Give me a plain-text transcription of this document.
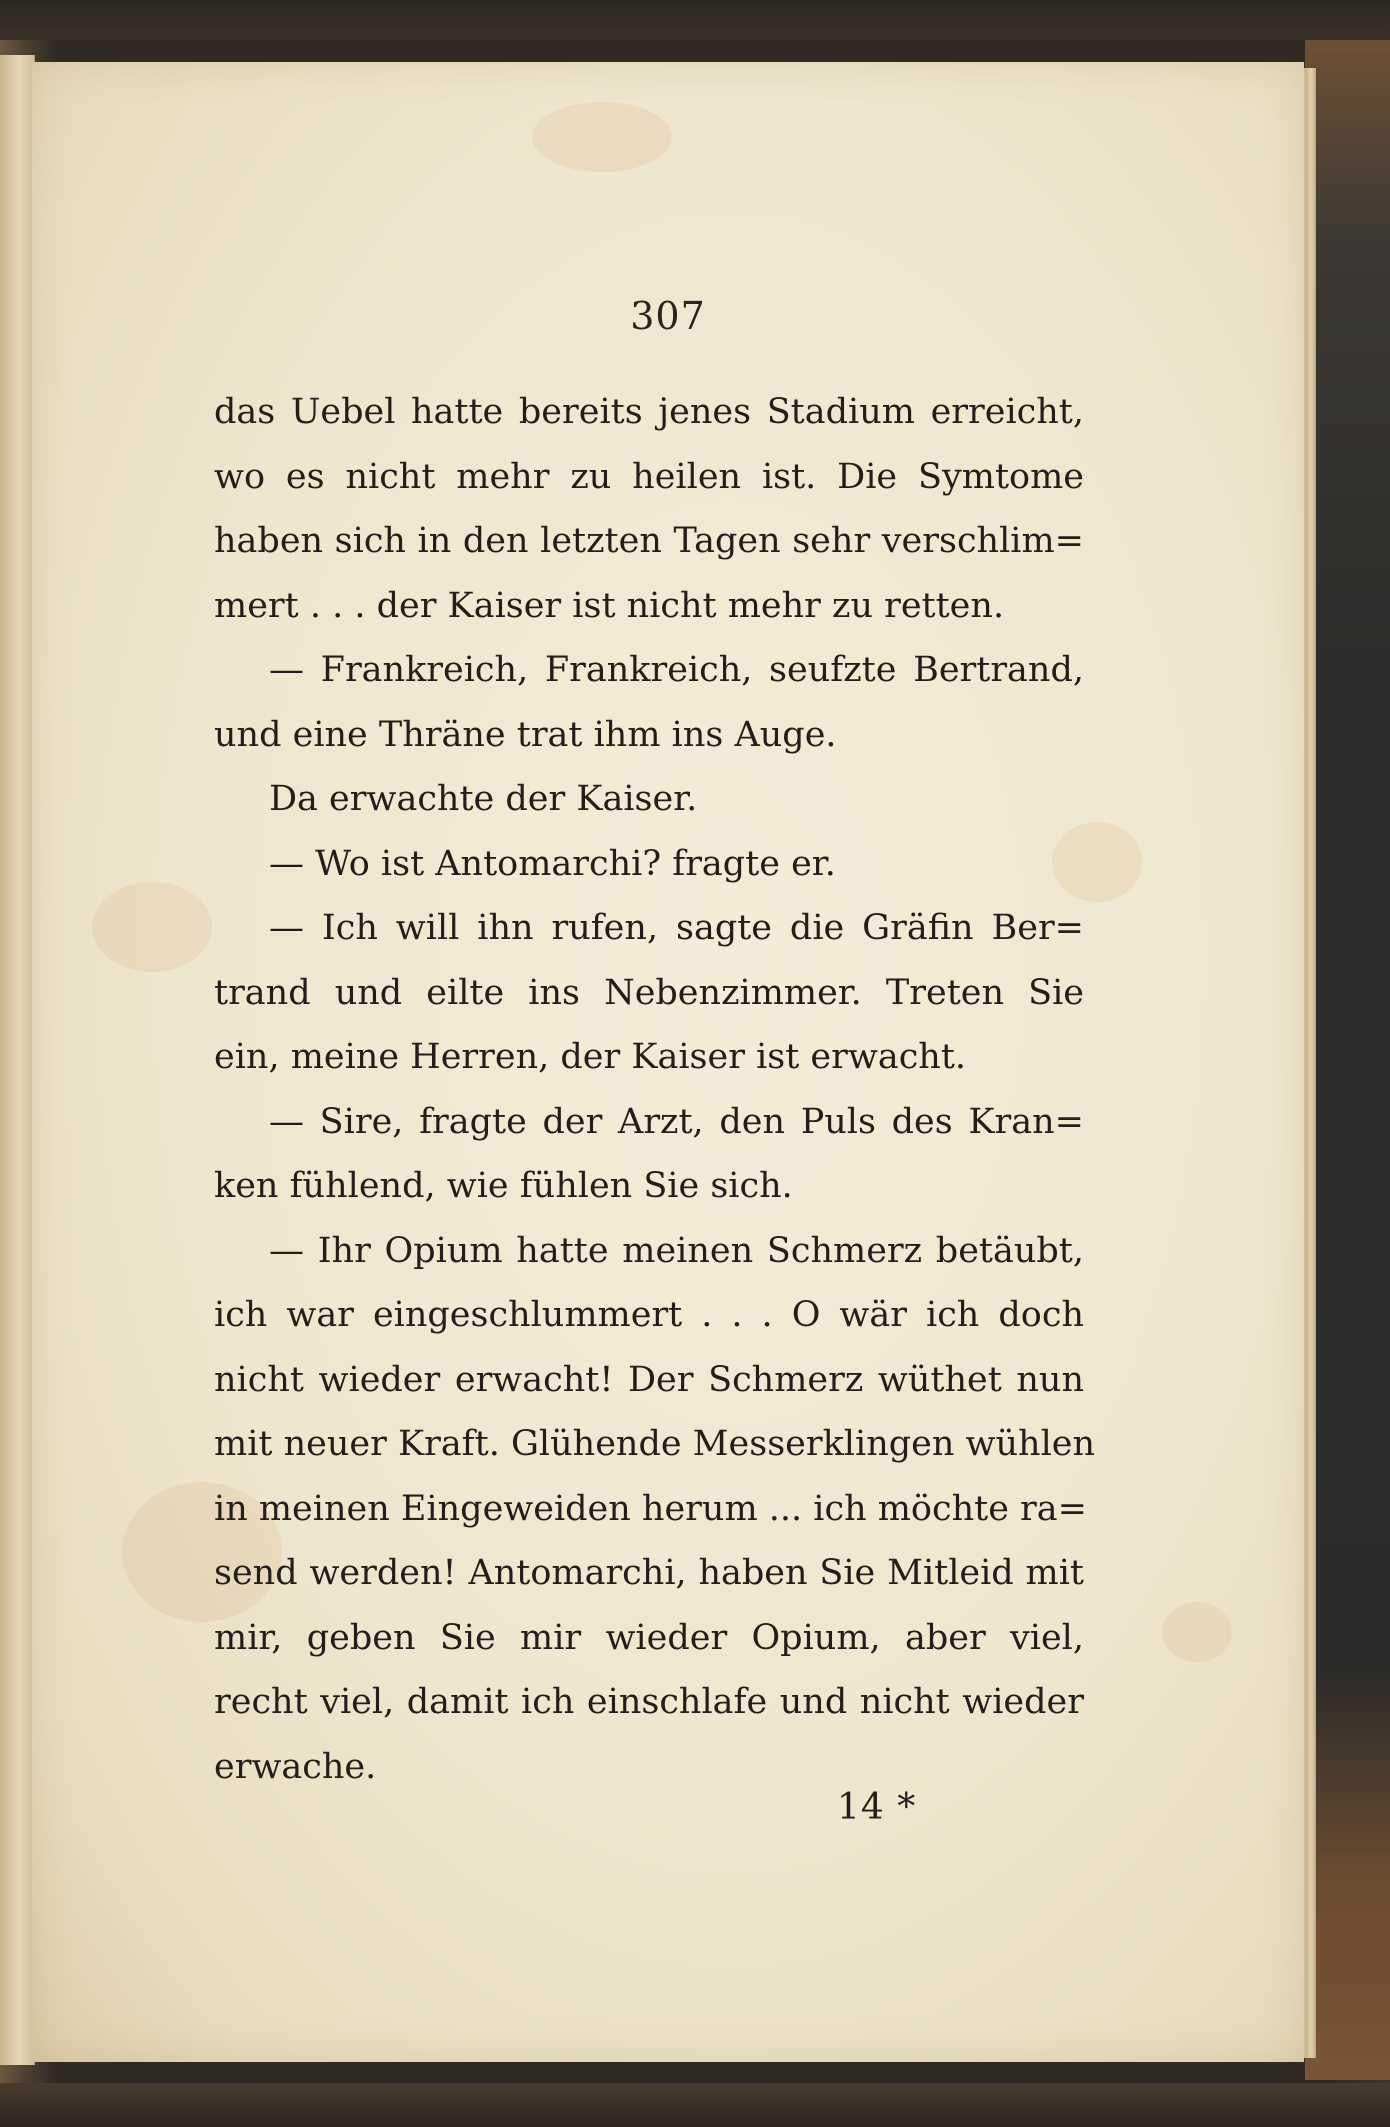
307
das Uebel hatte bereits jenes Stadium erreicht,
wo es nicht mehr zu heilen ist. Die Symtome
haben sich in den letzten Tagen sehr verschlim=
mert . . . der Kaiser ist nicht mehr zu retten.
— Frankreich, Frankreich, seufzte Bertrand,
und eine Thräne trat ihm ins Auge.
Da erwachte der Kaiser.
— Wo ist Antomarchi? fragte er.
— Ich will ihn rufen, sagte die Gräfin Ber=
trand und eilte ins Nebenzimmer. Treten Sie
ein, meine Herren, der Kaiser ist erwacht.
— Sire, fragte der Arzt, den Puls des Kran=
ken fühlend, wie fühlen Sie sich.
— Ihr Opium hatte meinen Schmerz betäubt,
ich war eingeschlummert . . . O wär ich doch
nicht wieder erwacht! Der Schmerz wüthet nun
mit neuer Kraft. Glühende Messerklingen wühlen
in meinen Eingeweiden herum ... ich möchte ra=
send werden! Antomarchi, haben Sie Mitleid mit
mir, geben Sie mir wieder Opium, aber viel,
recht viel, damit ich einschlafe und nicht wieder
erwache.
14 *
